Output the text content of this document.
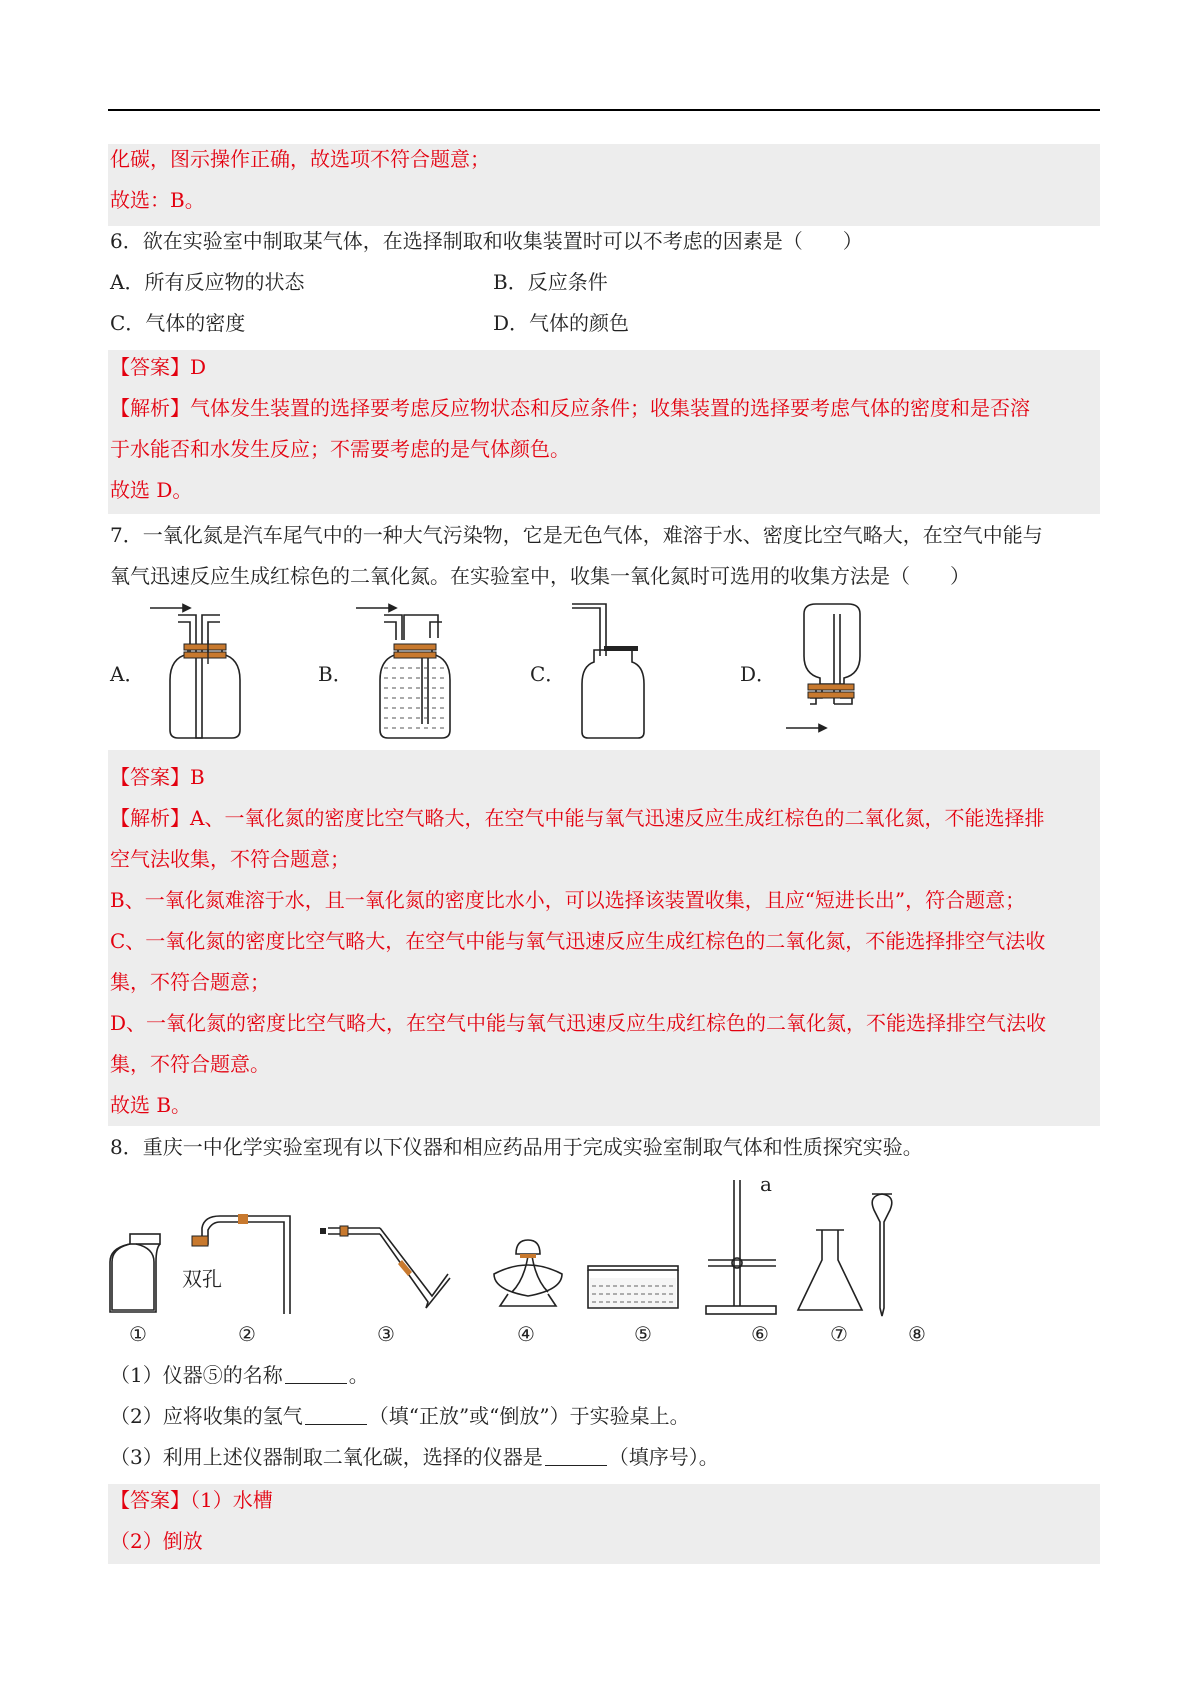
化碳，图示操作正确，故选项不符合题意；
故选：B。
6．欲在实验室中制取某气体，在选择制取和收集装置时可以不考虑的因素是（　　）
A．所有反应物的状态	B．反应条件
C．气体的密度	D．气体的颜色
【答案】D
【解析】气体发生装置的选择要考虑反应物状态和反应条件；收集装置的选择要考虑气体的密度和是否溶
于水能否和水发生反应；不需要考虑的是气体颜色。
故选 D。
7．一氧化氮是汽车尾气中的一种大气污染物，它是无色气体，难溶于水、密度比空气略大，在空气中能与
氧气迅速反应生成红棕色的二氧化氮。在实验室中，收集一氧化氮时可选用的收集方法是（　　）
A．	B．	C．	D．
【答案】B
【解析】A、一氧化氮的密度比空气略大，在空气中能与氧气迅速反应生成红棕色的二氧化氮，不能选择排
空气法收集，不符合题意；
B、一氧化氮难溶于水，且一氧化氮的密度比水小，可以选择该装置收集，且应“短进长出”，符合题意；
C、一氧化氮的密度比空气略大，在空气中能与氧气迅速反应生成红棕色的二氧化氮，不能选择排空气法收
集，不符合题意；
D、一氧化氮的密度比空气略大，在空气中能与氧气迅速反应生成红棕色的二氧化氮，不能选择排空气法收
集，不符合题意。
故选 B。
8．重庆一中化学实验室现有以下仪器和相应药品用于完成实验室制取气体和性质探究实验。
双孔
a
①	②	③	④	⑤	⑥	⑦	⑧
（1）仪器⑤的名称	。
（2）应将收集的氢气	（填“正放”或“倒放”）于实验桌上。
（3）利用上述仪器制取二氧化碳，选择的仪器是	（填序号）。
【答案】（1）水槽
（2）倒放
